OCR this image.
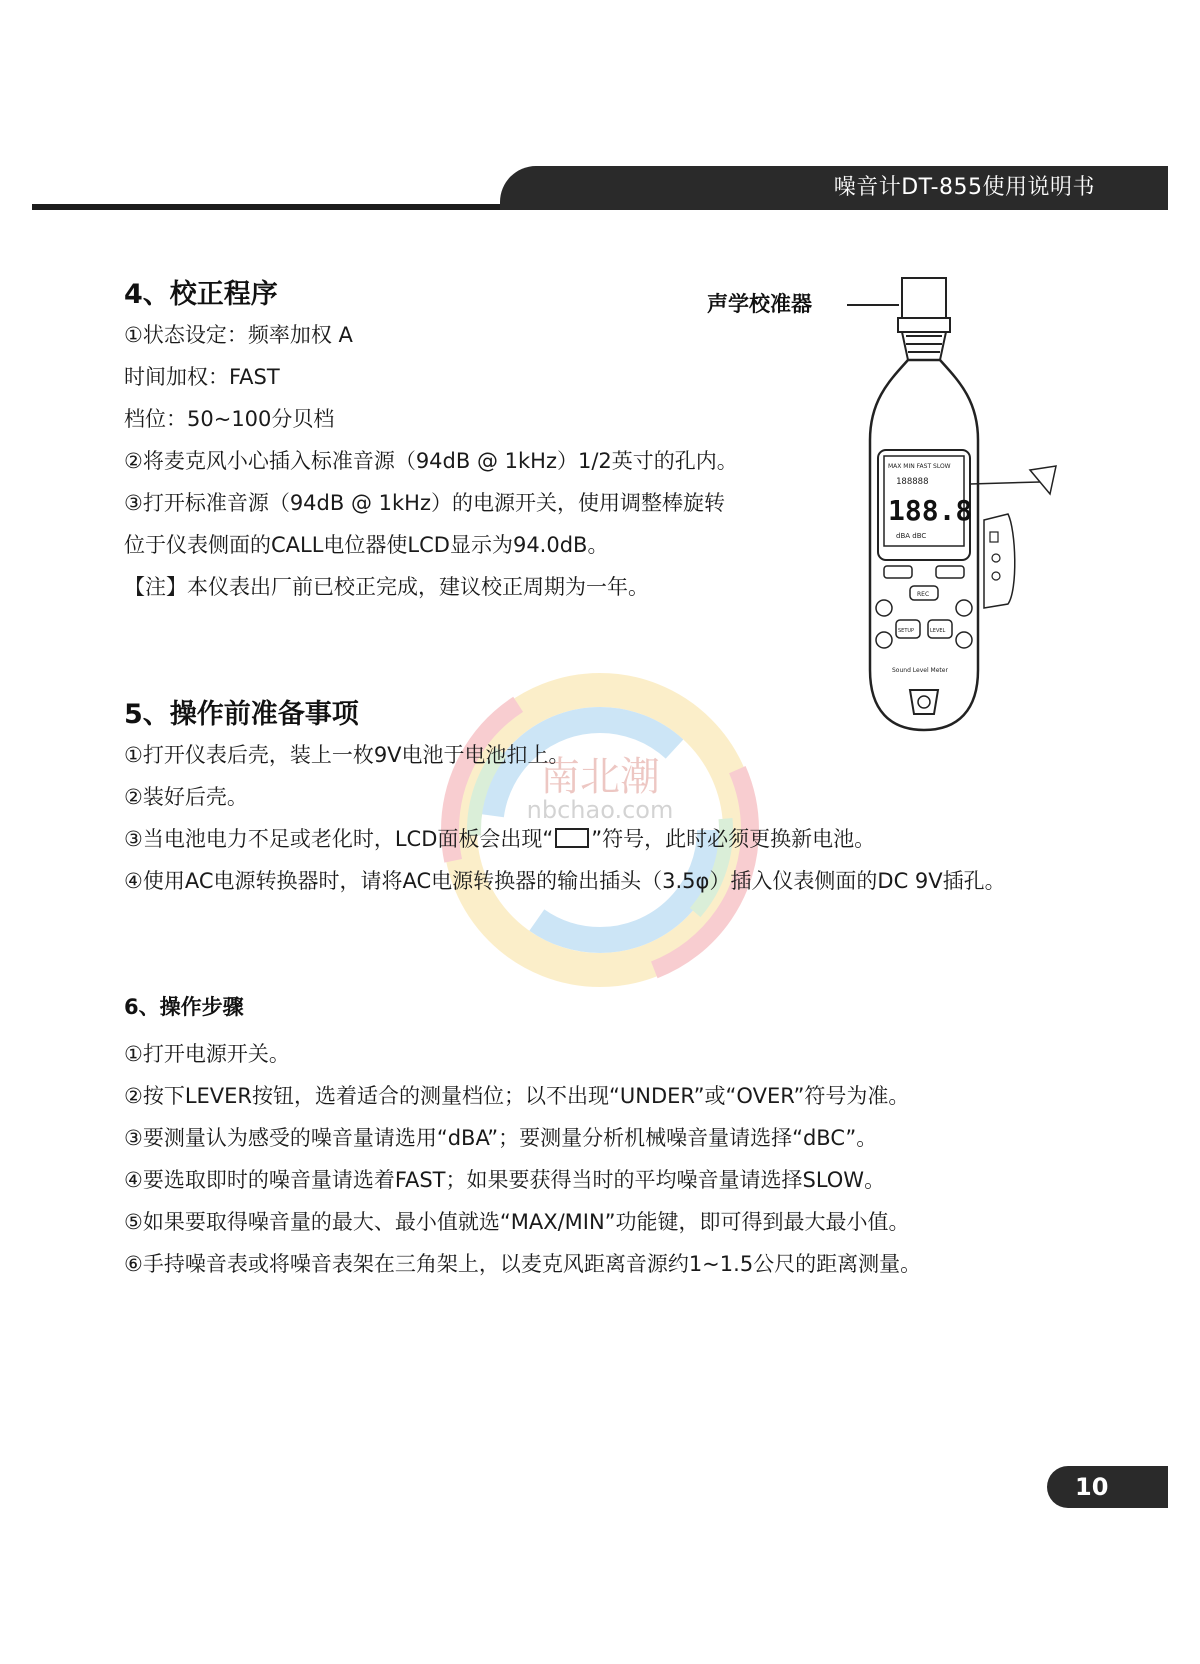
噪音计DT-855使用说明书
南北潮
nbchao.com
4、校正程序
①状态设定：频率加权 A
时间加权：FAST
档位：50~100分贝档
②将麦克风小心插入标准音源（94dB @ 1kHz）1/2英寸的孔内。
③打开标准音源（94dB @ 1kHz）的电源开关，使用调整棒旋转
位于仪表侧面的CALL电位器使LCD显示为94.0dB。
【注】本仪表出厂前已校正完成，建议校正周期为一年。
声学校准器
MAX MIN FAST SLOW
188888
188.8
dBA dBC
REC
SETUP	LEVEL
Sound Level Meter
5、操作前准备事项
①打开仪表后壳，装上一枚9V电池于电池扣上。
②装好后壳。
③当电池电力不足或老化时，LCD面板会出现“ ”符号，此时必须更换新电池。
④使用AC电源转换器时，请将AC电源转换器的输出插头（3.5φ）插入仪表侧面的DC 9V插孔。
6、操作步骤
①打开电源开关。
②按下LEVER按钮，选着适合的测量档位；以不出现“UNDER”或“OVER”符号为准。
③要测量认为感受的噪音量请选用“dBA”；要测量分析机械噪音量请选择“dBC”。
④要选取即时的噪音量请选着FAST；如果要获得当时的平均噪音量请选择SLOW。
⑤如果要取得噪音量的最大、最小值就选“MAX/MIN”功能键，即可得到最大最小值。
⑥手持噪音表或将噪音表架在三角架上，以麦克风距离音源约1~1.5公尺的距离测量。
10
